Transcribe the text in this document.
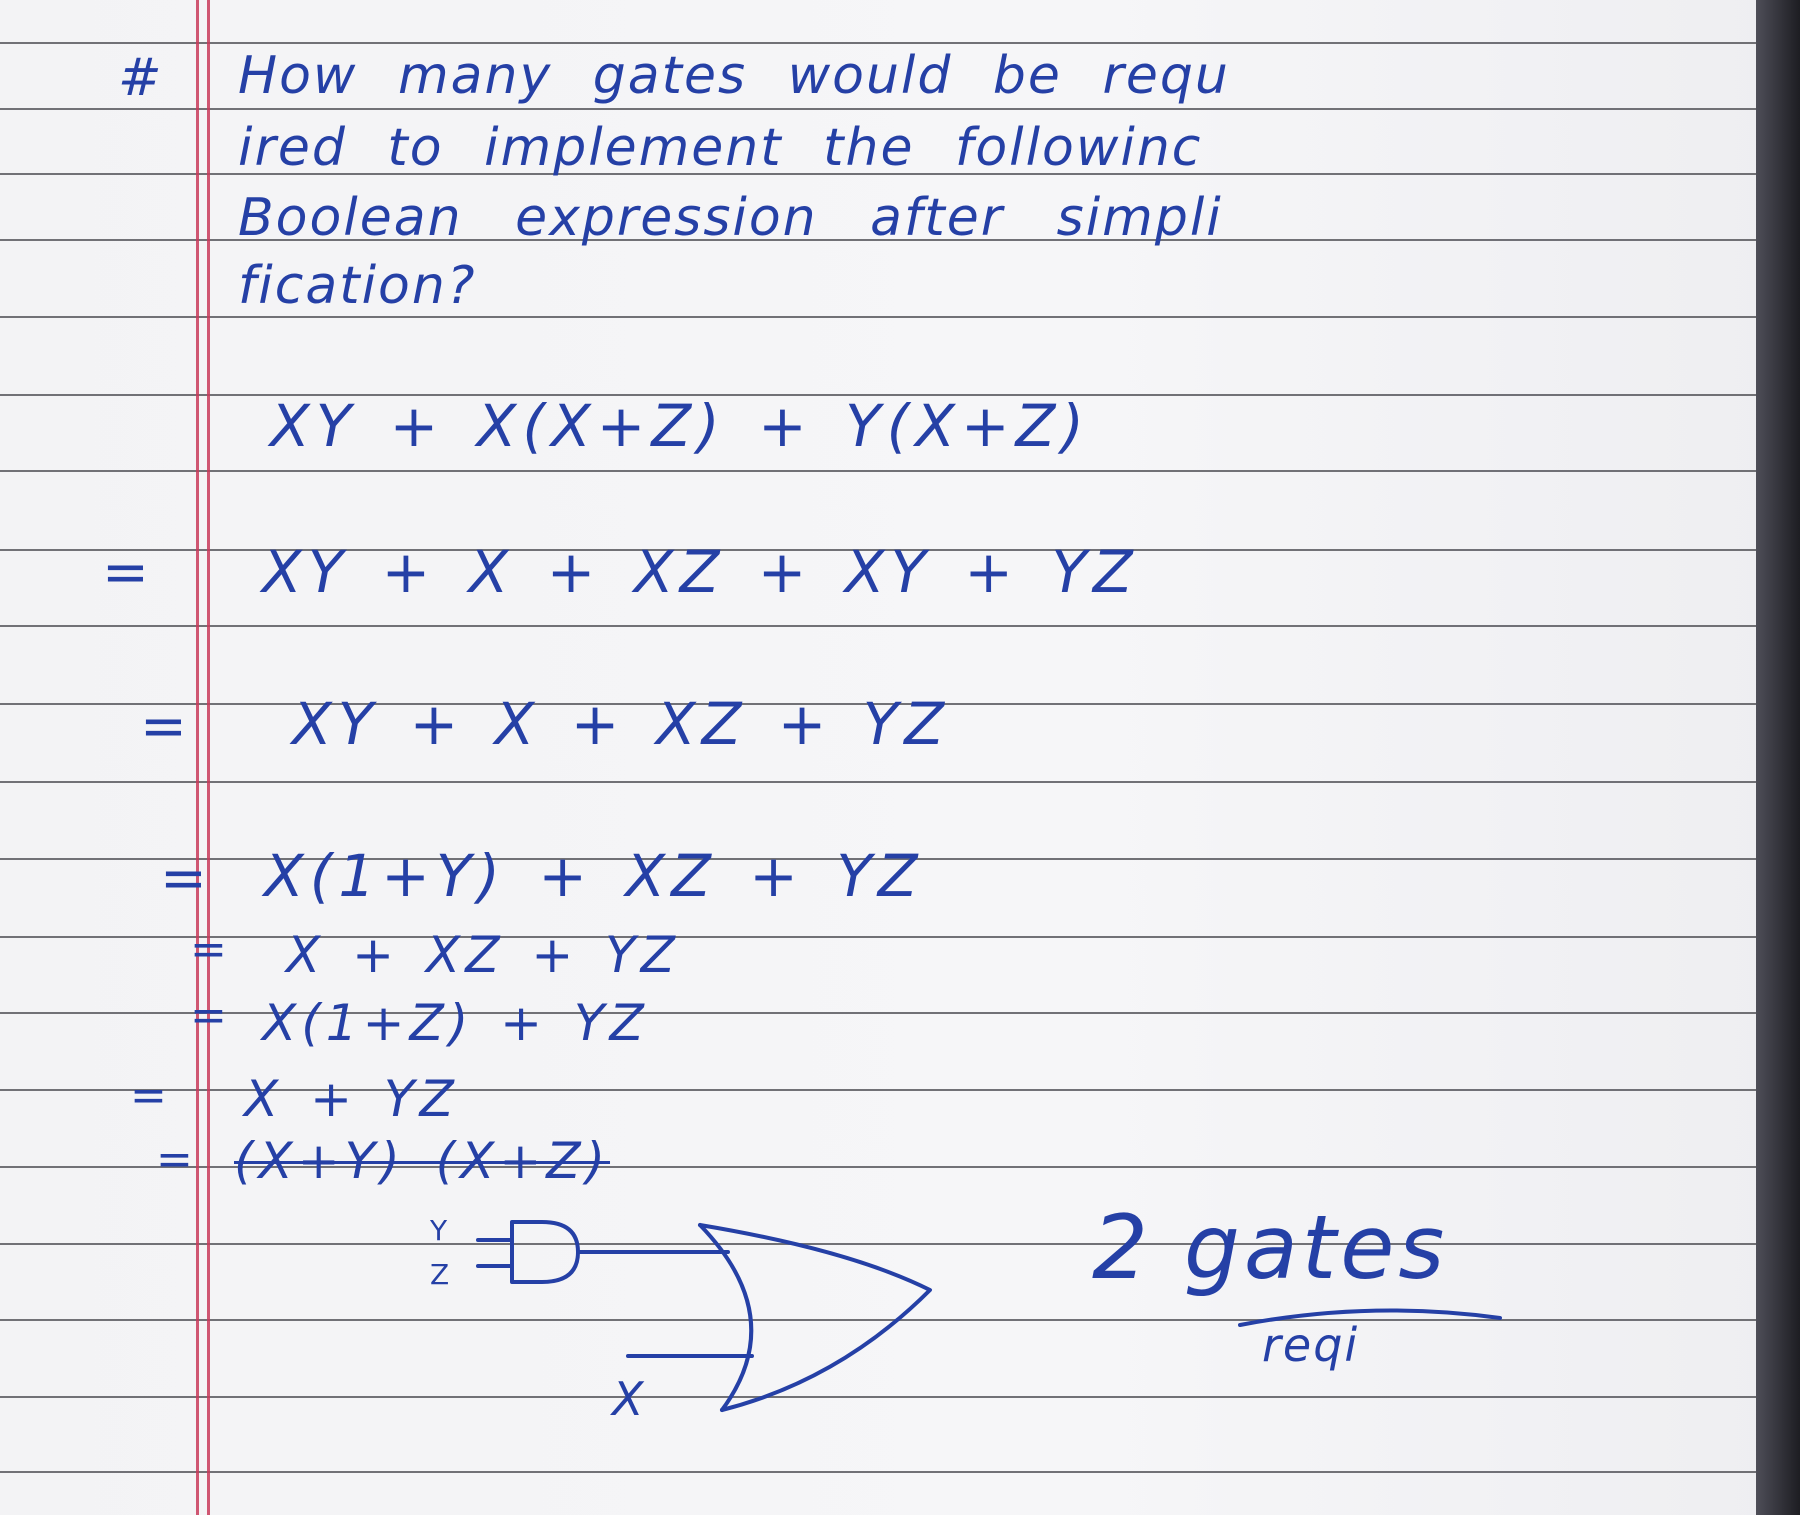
# How many gates would be requ
ired to implement the followinc
Boolean expression after simpli
fication?
XY + X(X+Z) + Y(X+Z)
= XY + X + XZ + XY + YZ
= XY + X + XZ + YZ
= X(1+Y) + XZ + YZ
= X + XZ + YZ
= X(1+Z) + YZ
= X + YZ
= (X+Y) (X+Z)
Y
Z
X
2 gates
reqi
